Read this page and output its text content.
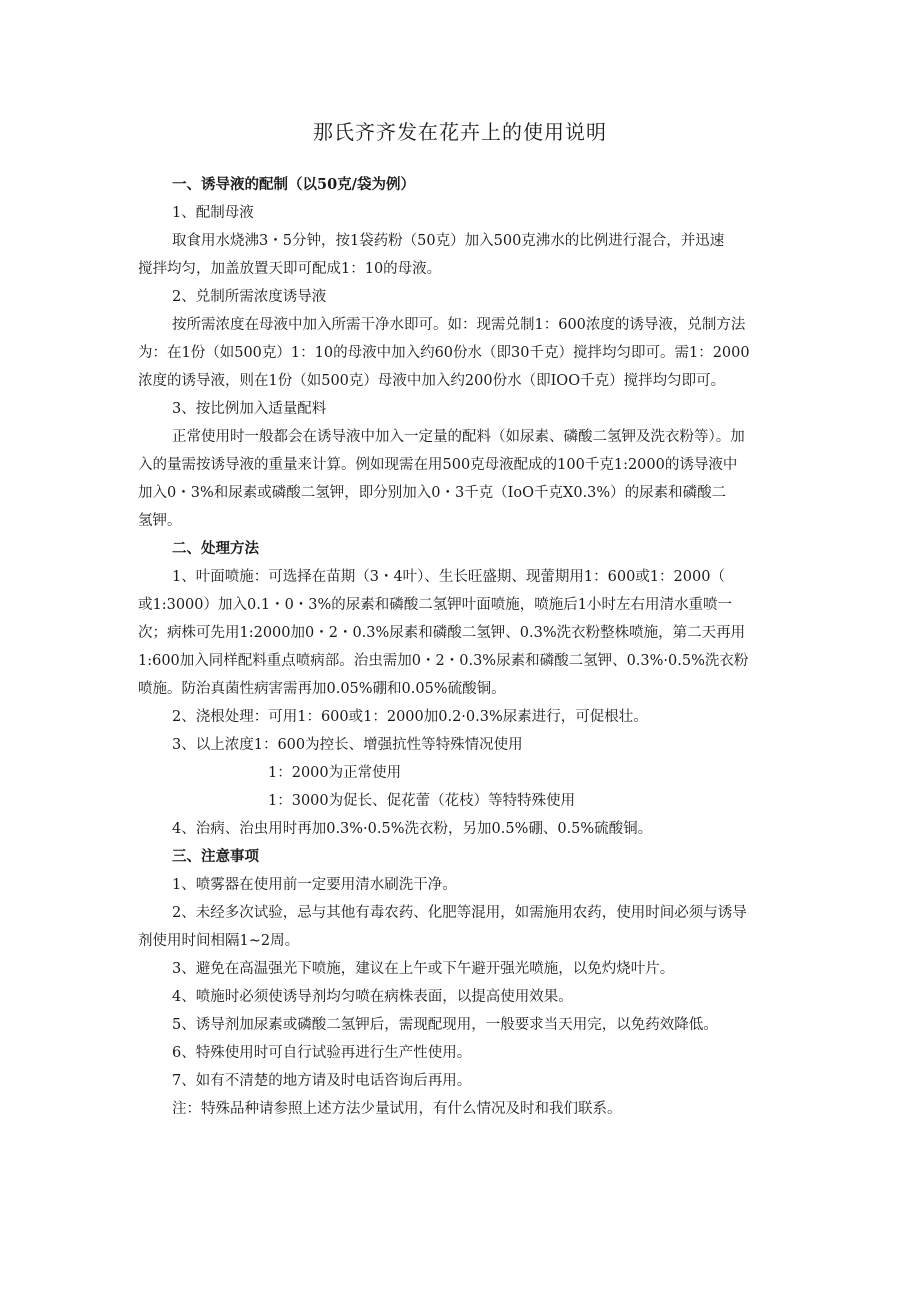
那氏齐齐发在花卉上的使用说明
一、诱导液的配制（以50克/袋为例）
1、配制母液
取食用水烧沸3・5分钟，按1袋药粉（50克）加入500克沸水的比例进行混合，并迅速
搅拌均匀，加盖放置天即可配成1：10的母液。
2、兑制所需浓度诱导液
按所需浓度在母液中加入所需干净水即可。如：现需兑制1：600浓度的诱导液，兑制方法
为：在1份（如500克）1：10的母液中加入约60份水（即30千克）搅拌均匀即可。需1：2000
浓度的诱导液，则在1份（如500克）母液中加入约200份水（即IOO千克）搅拌均匀即可。
3、按比例加入适量配料
正常使用时一般都会在诱导液中加入一定量的配料（如尿素、磷酸二氢钾及洗衣粉等）。加
入的量需按诱导液的重量来计算。例如现需在用500克母液配成的100千克1:2000的诱导液中
加入0・3%和尿素或磷酸二氢钾，即分别加入0・3千克（IoO千克X0.3%）的尿素和磷酸二
氢钾。
二、处理方法
1、叶面喷施：可选择在苗期（3・4叶）、生长旺盛期、现蕾期用1：600或1：2000（
或1:3000）加入0.1・0・3%的尿素和磷酸二氢钾叶面喷施，喷施后1小时左右用清水重喷一
次；病株可先用1:2000加0・2・0.3%尿素和磷酸二氢钾、0.3%洗衣粉整株喷施，第二天再用
1:600加入同样配料重点喷病部。治虫需加0・2・0.3%尿素和磷酸二氢钾、0.3%·0.5%洗衣粉
喷施。防治真菌性病害需再加0.05%硼和0.05%硫酸铜。
2、浇根处理：可用1：600或1：2000加0.2·0.3%尿素进行，可促根壮。
3、以上浓度1：600为控长、增强抗性等特殊情况使用
1：2000为正常使用
1：3000为促长、促花蕾（花枝）等特特殊使用
4、治病、治虫用时再加0.3%·0.5%洗衣粉，另加0.5%硼、0.5%硫酸铜。
三、注意事项
1、喷雾器在使用前一定要用清水刷洗干净。
2、未经多次试验，忌与其他有毒农药、化肥等混用，如需施用农药，使用时间必须与诱导
剂使用时间相隔1~2周。
3、避免在高温强光下喷施，建议在上午或下午避开强光喷施，以免灼烧叶片。
4、喷施时必须使诱导剂均匀喷在病株表面，以提高使用效果。
5、诱导剂加尿素或磷酸二氢钾后，需现配现用，一般要求当天用完，以免药效降低。
6、特殊使用时可自行试验再进行生产性使用。
7、如有不清楚的地方请及时电话咨询后再用。
注：特殊品种请参照上述方法少量试用，有什么情况及时和我们联系。
